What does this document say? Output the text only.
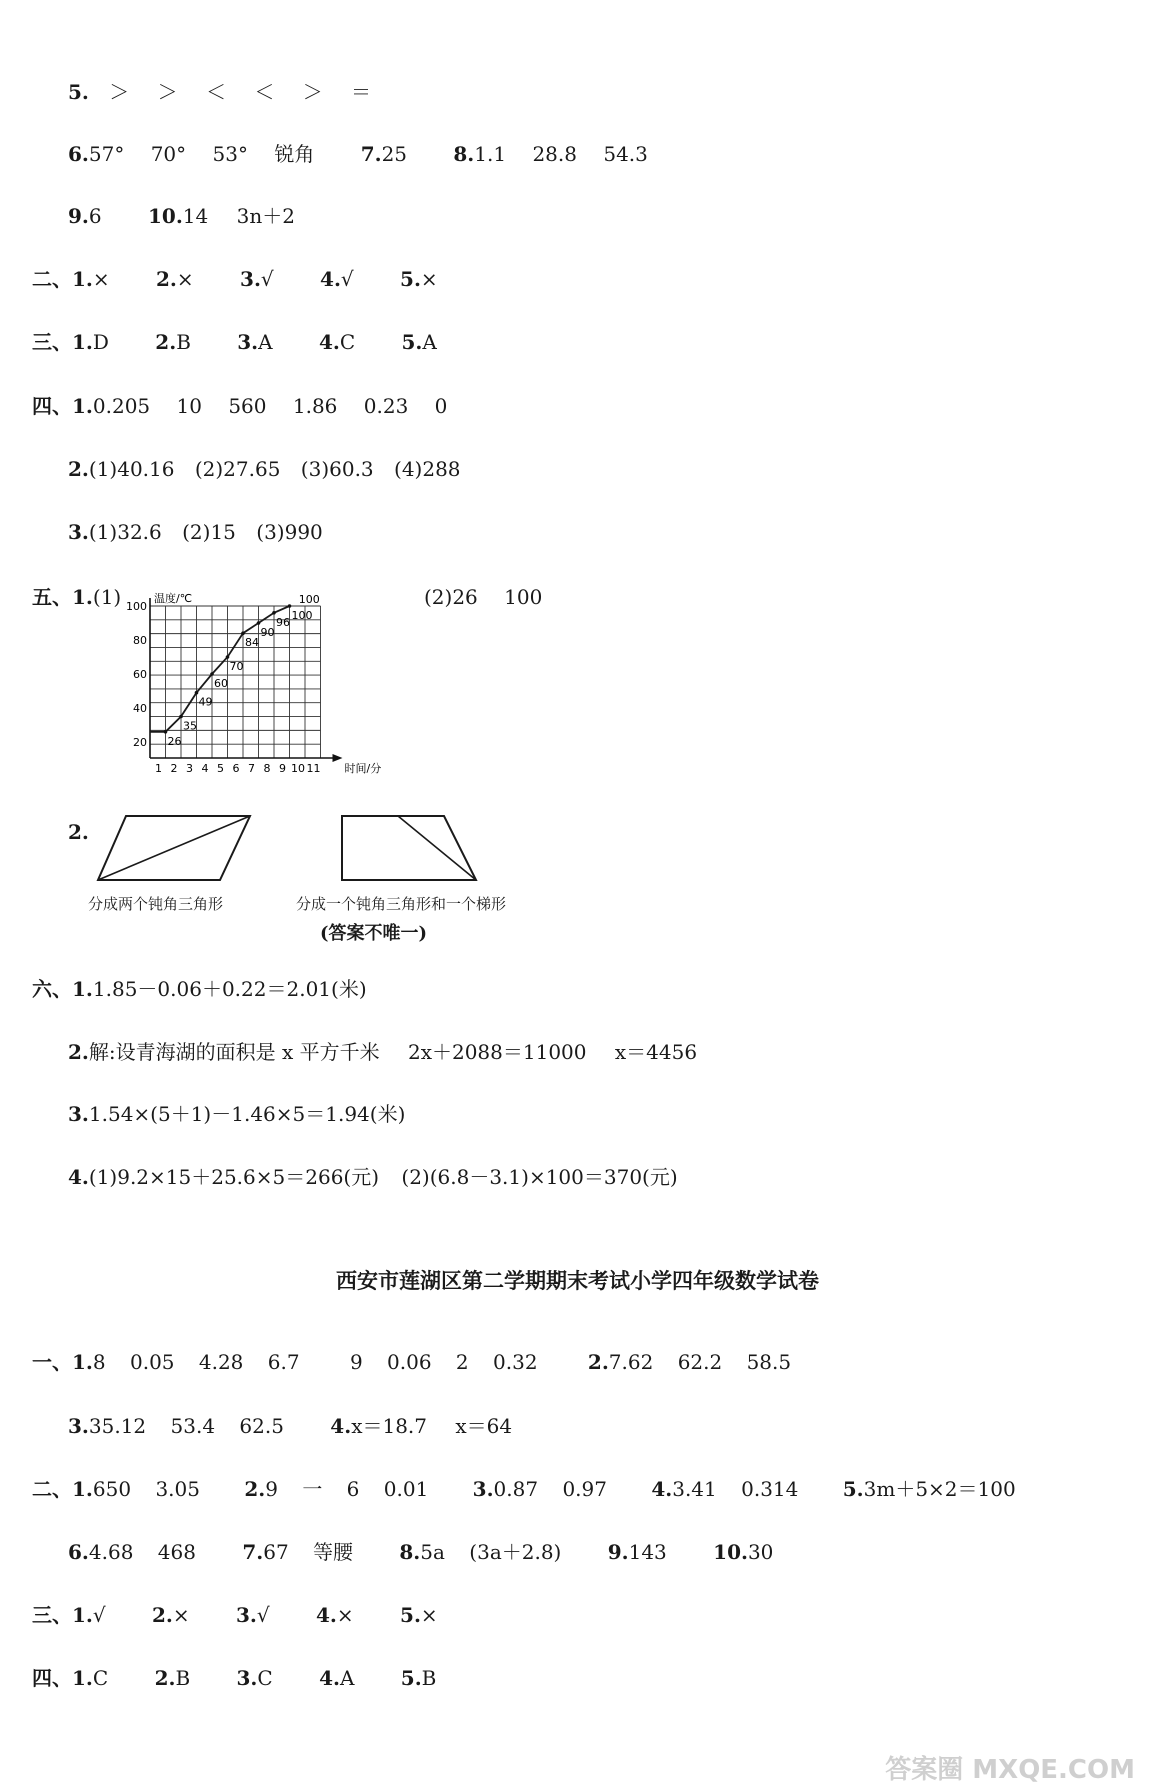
5. ＞ ＞ ＜ ＜ ＞ ＝
6.57° 70° 53° 锐角 7.25 8.1.1 28.8 54.3
9.6 10.14 3n＋2
二、1.× 2.× 3.√ 4.√ 5.×
三、1.D 2.B 3.A 4.C 5.A
四、1.0.205 10 560 1.86 0.23 0
2.(1)40.16 (2)27.65 (3)60.3 (4)288
3.(1)32.6 (2)15 (3)990
五、1.(1)	(2)26 100
20
40
60
80
100
1 2 3 4 5 6 7 8 9 10 11
26
35
49
60
70
84
90
96
100
100
温度/℃
时间/分
2.
分成两个钝角三角形	分成一个钝角三角形和一个梯形
(答案不唯一)
六、1.1.85－0.06＋0.22＝2.01(米)
2.解:设青海湖的面积是 x 平方千米 2x＋2088＝11000 x＝4456
3.1.54×(5＋1)－1.46×5＝1.94(米)
4.(1)9.2×15＋25.6×5＝266(元) (2)(6.8－3.1)×100＝370(元)
西安市莲湖区第二学期期末考试小学四年级数学试卷
一、1.8 0.05 4.28 6.7	9 0.06 2 0.32	2.7.62 62.2 58.5
3.35.12 53.4 62.5 4.x＝18.7 x＝64
二、1.650 3.05 2.9 一 6 0.01 3.0.87 0.97 4.3.41 0.314 5.3m＋5×2＝100
6.4.68 468 7.67 等腰 8.5a (3a＋2.8) 9.143 10.30
三、1.√ 2.× 3.√ 4.× 5.×
四、1.C 2.B 3.C 4.A 5.B
答案圈 MXQE.COM
